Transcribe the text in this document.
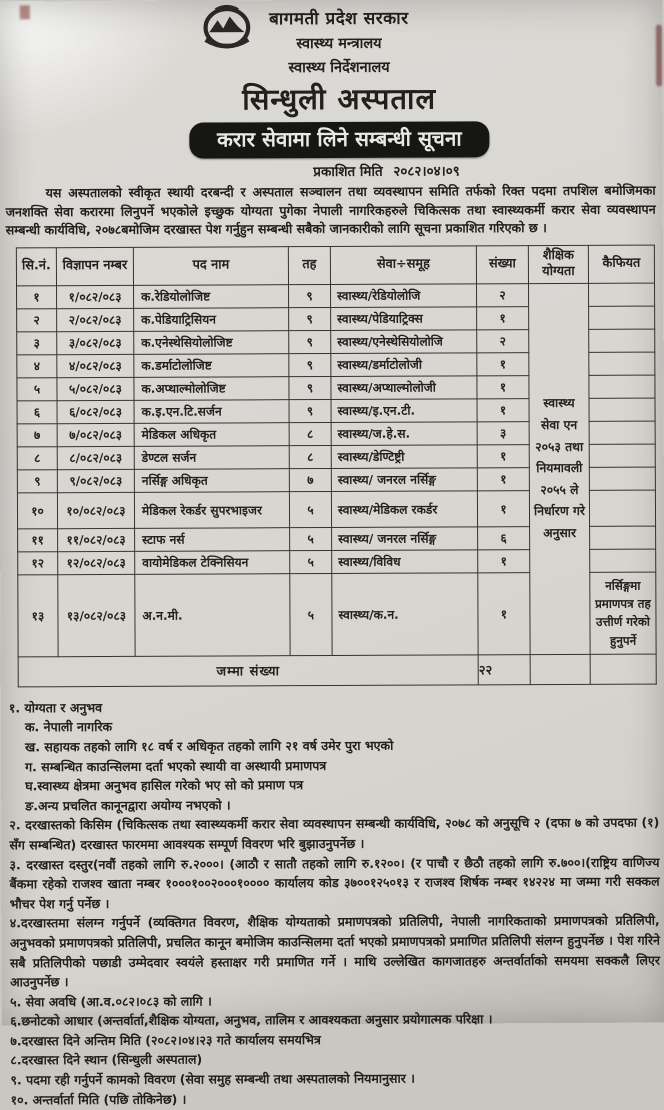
बागमती प्रदेश सरकार
स्वास्थ्य मन्त्रालय
स्वास्थ्य निर्देशनालय
सिन्धुली अस्पताल
करार सेवामा लिने सम्बन्धी सूचना
प्रकाशित मिति २०८२।०४।०९
यस अस्पतालको स्वीकृत स्थायी दरबन्दी र अस्पताल सञ्चालन तथा व्यवस्थापन समिति तर्फको रिक्त पदमा तपशिल बमोजिमका जनशक्ति सेवा करारमा लिनुपर्ने भएकोले इच्छुक योग्यता पुगेका नेपाली नागरिकहरुले चिकित्सक तथा स्वास्थ्यकर्मी करार सेवा व्यवस्थापन सम्बन्धी कार्यविधि, २०७८बमोजिम दरखास्त पेश गर्नुहुन सम्बन्धी सबैको जानकारीको लागि सूचना प्रकाशित गरिएको छ ।
सि.नं.	विज्ञापन नम्बर	पद नाम	तह	सेवा÷समूह	संख्या	शैक्षिक योग्यता	कैफियत
१	१/०८२/०८३	क.रेडियोलोजिष्ट	९	स्वास्थ्य/रेडियोलोजि	२	स्वास्थ्य सेवा एन २०५३ तथा नियमावली २०५५ ले निर्धारण गरे अनुसार	
२	२/०८२/०८३	क.पेडियाट्रिसियन	९	स्वास्थ्य/पेडियाट्रिक्स	१		
३	३/०८२/०८३	क.एनेस्थेसियोलोजिष्ट	९	स्वास्थ्य/एनेस्थेसियोलोजि	२		
४	४/०८२/०८३	क.डर्माटोलोजिष्ट	९	स्वास्थ्य/डर्माटोलोजी	१		
५	५/०८२/०८३	क.अप्थाल्मोलोजिष्ट	९	स्वास्थ्य/अप्थाल्मोलोजी	१		
६	६/०८२/०८३	क.इ.एन.टि.सर्जन	९	स्वास्थ्य/इ.एन.टी.	१		
७	७/०८२/०८३	मेडिकल अधिकृत	८	स्वास्थ्य/ज.हे.स.	३		
८	८/०८२/०८३	डेण्टल सर्जन	८	स्वास्थ्य/डेण्टिष्ट्री	१		
९	९/०८२/०८३	नर्सिङ्ग अधिकृत	७	स्वास्थ्य/ जनरल नर्सिङ्ग	१		
१०	१०/०८२/०८३	मेडिकल रेकर्डर सुपरभाइजर	५	स्वास्थ्य/मेडिकल रकर्डर	१		
११	११/०८२/०८३	स्टाफ नर्स	५	स्वास्थ्य/ जनरल नर्सिङ्ग	६		
१२	१२/०८२/०८३	वायोमेडिकल टेक्निसियन	५	स्वास्थ्य/विविध	१		
१३	१३/०८२/०८३	अ.न.मी.	५	स्वास्थ्य/क.न.	१		नर्सिङ्गमा प्रमाणपत्र तह उत्तीर्ण गरेको हुनुपर्ने
जम्मा संख्या					२२		
१. योग्यता र अनुभव
क. नेपाली नागरिक
ख. सहायक तहको लागि १८ वर्ष र अधिकृत तहको लागि २१ वर्ष उमेर पुरा भएको
ग. सम्बन्धित काउन्सिलमा दर्ता भएको स्थायी वा अस्थायी प्रमाणपत्र
घ.स्वास्थ्य क्षेत्रमा अनुभव हासिल गरेको भए सो को प्रमाण पत्र
ङ.अन्य प्रचलित कानूनद्वारा अयोग्य नभएको ।
२. दरखास्तको किसिम (चिकित्सक तथा स्वास्थ्यकर्मी करार सेवा व्यवस्थापन सम्बन्धी कार्यविधि, २०७८ को अनुसूचि २ (दफा ७ को उपदफा (१) सँग सम्बन्धित) दरखास्त फारममा आवश्यक सम्पूर्ण विवरण भरि बुझाउनुपर्नेछ ।
३. दरखास्त दस्तुर(नवौं तहको लागि रु.२०००। (आठौ र सातौ तहको लागि रु.१२००। (र पाचौ र छैठौ तहको लागि रु.७००।(राष्ट्रिय वाणिज्य बैंकमा रहेको राजश्व खाता नम्बर १०००१००२०००१०००० कार्यालय कोड ३७००१२५०१३ र राजश्व शिर्षक नम्बर १४२२४ मा जम्मा गरी सक्कल भौचर पेश गर्नु पर्नेछ ।
४.दरखास्तमा संलग्न गर्नुपर्ने (व्यक्तिगत विवरण, शैक्षिक योग्यताको प्रमाणपत्रको प्रतिलिपी, नेपाली नागरिकताको प्रमाणपत्रको प्रतिलिपी, अनुभवको प्रमाणपत्रको प्रतिलिपी, प्रचलित कानून बमोजिम काउन्सिलमा दर्ता भएको प्रमाणपत्रको प्रमाणित प्रतिलिपी संलग्न हुनुपर्नेछ । पेश गरिने सबै प्रतिलिपीको पछाडी उम्मेदवार स्वयंले हस्ताक्षर गरी प्रमाणित गर्ने । माथि उल्लेखित कागजातहरु अन्तर्वार्ताको समयमा सक्कलै लिएर आउनुपर्नेछ ।
५. सेवा अवधि (आ.व.०८२।०८३ को लागि ।
६.छनोटको आधार (अन्तर्वार्ता,शैक्षिक योग्यता, अनुभव, तालिम र आवश्यकता अनुसार प्रयोगात्मक परिक्षा ।
७.दरखास्त दिने अन्तिम मिति (२०८२।०४।२३ गते कार्यालय समयभित्र
८.दरखास्त दिने स्थान (सिन्धुली अस्पताल)
९. पदमा रही गर्नुपर्ने कामको विवरण (सेवा समुह सम्बन्धी तथा अस्पतालको नियमानुसार ।
१०. अन्तर्वार्ता मिति (पछि तोकिनेछ) ।
